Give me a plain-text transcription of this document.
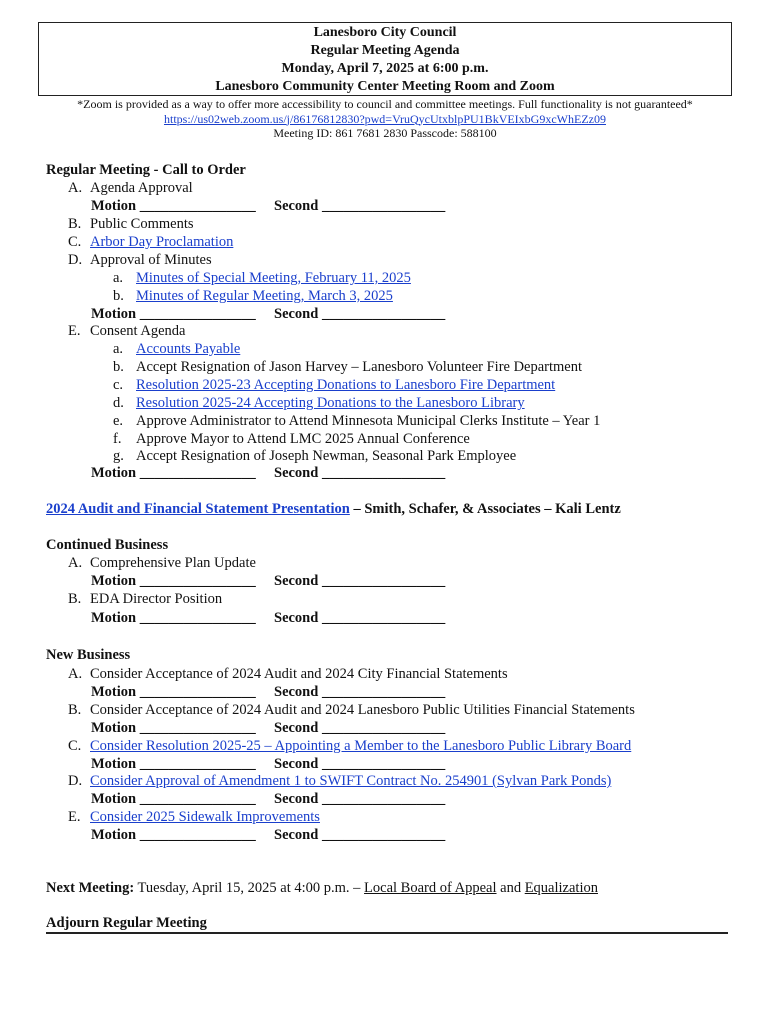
Lanesboro City Council
Regular Meeting Agenda
Monday, April 7, 2025 at 6:00 p.m.
Lanesboro Community Center Meeting Room and Zoom
*Zoom is provided as a way to offer more accessibility to council and committee meetings. Full functionality is not guaranteed*
https://us02web.zoom.us/j/86176812830?pwd=VruQycUtxblpPU1BkVEIxbG9xcWhEZz09
Meeting ID: 861 7681 2830 Passcode: 588100
Regular Meeting - Call to Order
A. Agenda Approval
Motion ________________ Second _________________
B. Public Comments
C. Arbor Day Proclamation
D. Approval of Minutes
a. Minutes of Special Meeting, February 11, 2025
b. Minutes of Regular Meeting, March 3, 2025
Motion ________________ Second _________________
E. Consent Agenda
a. Accounts Payable
b. Accept Resignation of Jason Harvey – Lanesboro Volunteer Fire Department
c. Resolution 2025-23 Accepting Donations to Lanesboro Fire Department
d. Resolution 2025-24 Accepting Donations to the Lanesboro Library
e. Approve Administrator to Attend Minnesota Municipal Clerks Institute – Year 1
f. Approve Mayor to Attend LMC 2025 Annual Conference
g. Accept Resignation of Joseph Newman, Seasonal Park Employee
Motion ________________ Second _________________
2024 Audit and Financial Statement Presentation – Smith, Schafer, & Associates – Kali Lentz
Continued Business
A. Comprehensive Plan Update
Motion ________________ Second _________________
B. EDA Director Position
Motion ________________ Second _________________
New Business
A. Consider Acceptance of 2024 Audit and 2024 City Financial Statements
Motion ________________ Second _________________
B. Consider Acceptance of 2024 Audit and 2024 Lanesboro Public Utilities Financial Statements
Motion ________________ Second _________________
C. Consider Resolution 2025-25 – Appointing a Member to the Lanesboro Public Library Board
Motion ________________ Second _________________
D. Consider Approval of Amendment 1 to SWIFT Contract No. 254901 (Sylvan Park Ponds)
Motion ________________ Second _________________
E. Consider 2025 Sidewalk Improvements
Motion ________________ Second _________________
Next Meeting: Tuesday, April 15, 2025 at 4:00 p.m. – Local Board of Appeal and Equalization
Adjourn Regular Meeting
